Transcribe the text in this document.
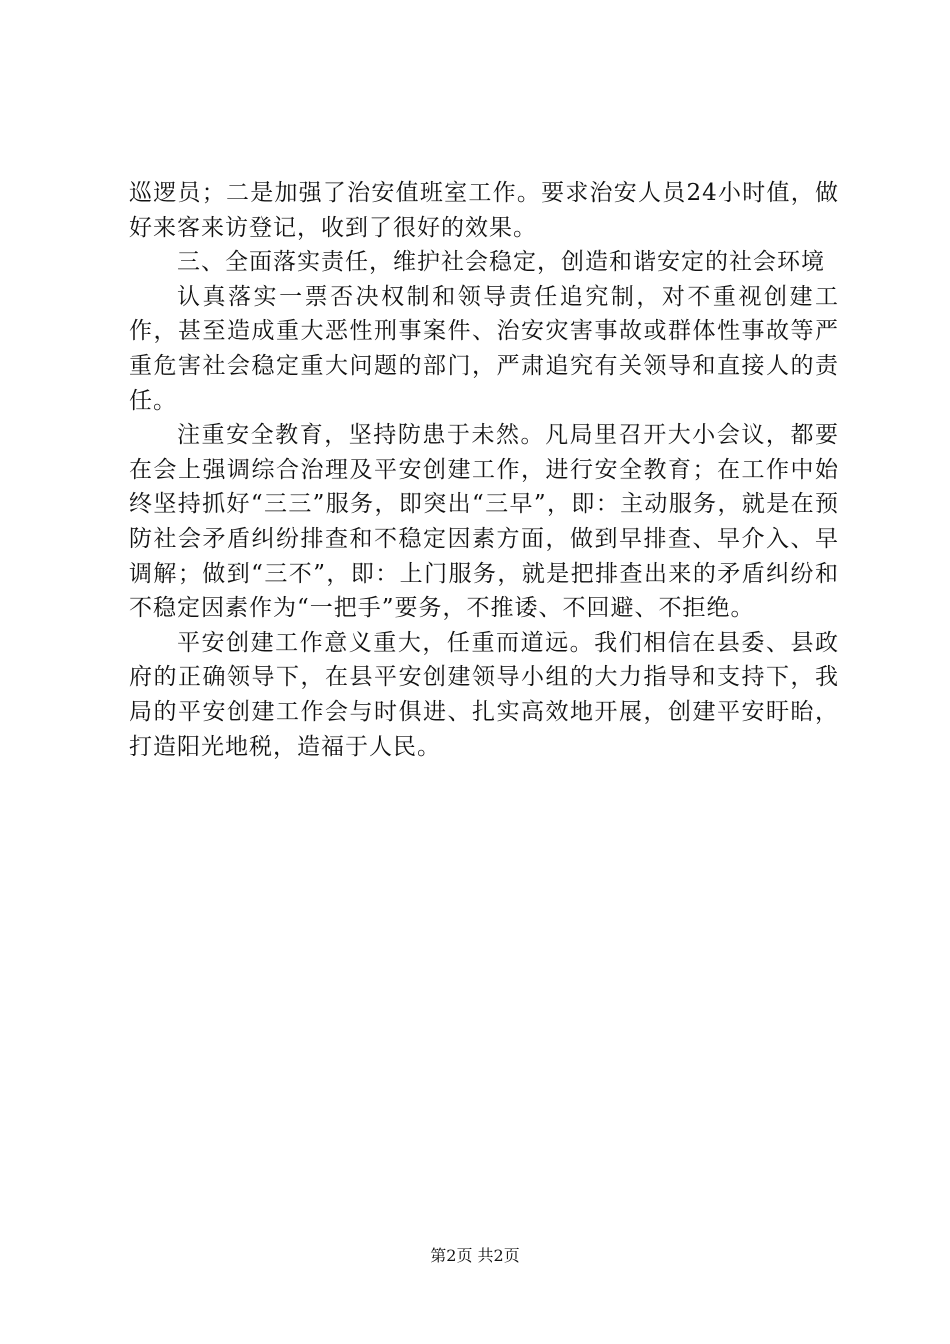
巡逻员；二是加强了治安值班室工作。要求治安人员24小时值，做好来客来访登记，收到了很好的效果。

三、全面落实责任，维护社会稳定，创造和谐安定的社会环境

认真落实一票否决权制和领导责任追究制，对不重视创建工作，甚至造成重大恶性刑事案件、治安灾害事故或群体性事故等严重危害社会稳定重大问题的部门，严肃追究有关领导和直接人的责任。

注重安全教育，坚持防患于未然。凡局里召开大小会议，都要在会上强调综合治理及平安创建工作，进行安全教育；在工作中始终坚持抓好“三三”服务，即突出“三早”，即：主动服务，就是在预防社会矛盾纠纷排查和不稳定因素方面，做到早排查、早介入、早调解；做到“三不”，即：上门服务，就是把排查出来的矛盾纠纷和不稳定因素作为“一把手”要务，不推诿、不回避、不拒绝。

平安创建工作意义重大，任重而道远。我们相信在县委、县政府的正确领导下，在县平安创建领导小组的大力指导和支持下，我局的平安创建工作会与时俱进、扎实高效地开展，创建平安盱眙，打造阳光地税，造福于人民。

第2页 共2页
